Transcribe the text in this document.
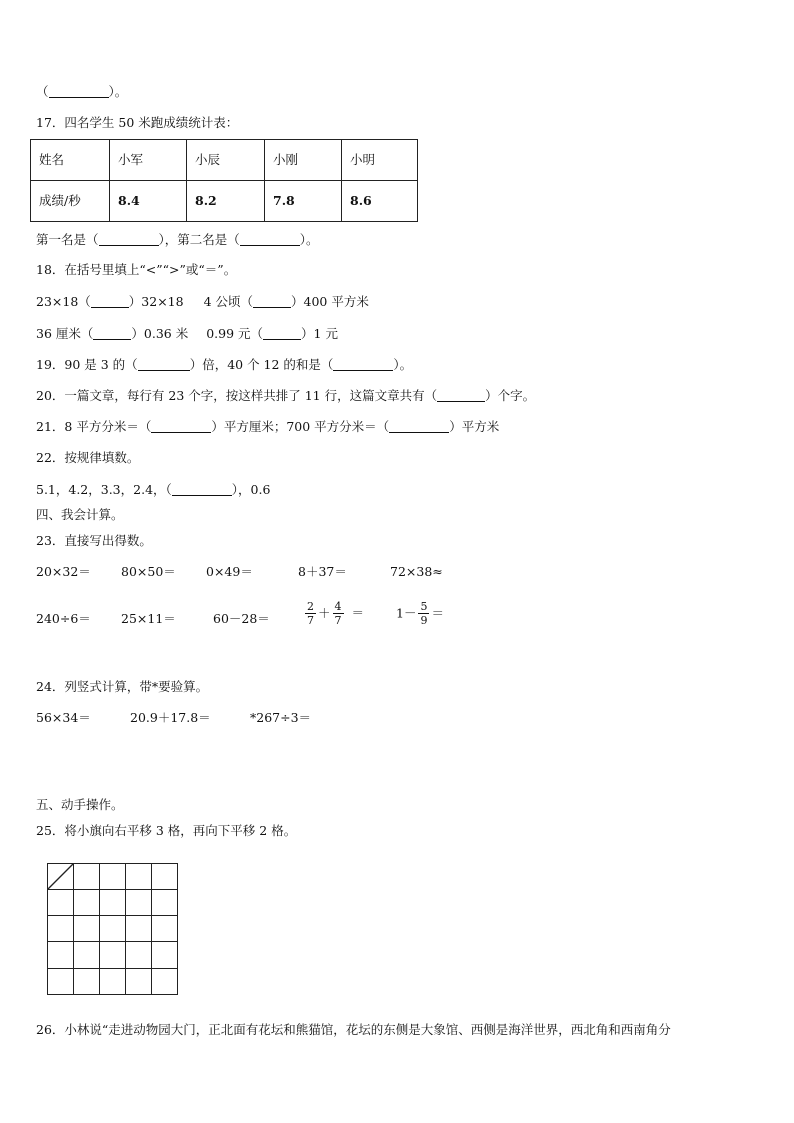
（	）。
17．四名学生 50 米跑成绩统计表：
姓名	小军	小辰	小刚	小明
成绩/秒	8.4	8.2	7.8	8.6
第一名是（	），第二名是（	）。
18．在括号里填上“<”“>”或“＝”。
23×18（	）32×18 4 公顷（	）400 平方米
36 厘米（	）0.36 米 0.99 元（	）1 元
19．90 是 3 的（	）倍，40 个 12 的和是（	）。
20．一篇文章，每行有 23 个字，按这样共排了 11 行，这篇文章共有（	）个字。
21．8 平方分米＝（	）平方厘米；700 平方分米＝（	）平方米
22．按规律填数。
5.1，4.2，3.3，2.4，（	），0.6
四、我会计算。
23．直接写出得数。
20×32＝ 80×50＝ 0×49＝	8＋37＝	72×38≈
240÷6＝ 25×11＝	60－28＝	$\frac{2}{7} + \frac{4}{7}$ ＝	$1- \frac{5}{9}$ ＝
24．列竖式计算，带*要验算。
56×34＝	20.9＋17.8＝	*267÷3＝
五、动手操作。
25．将小旗向右平移 3 格，再向下平移 2 格。
26．小林说“走进动物园大门，正北面有花坛和熊猫馆，花坛的东侧是大象馆、西侧是海洋世界，西北角和西南角分
